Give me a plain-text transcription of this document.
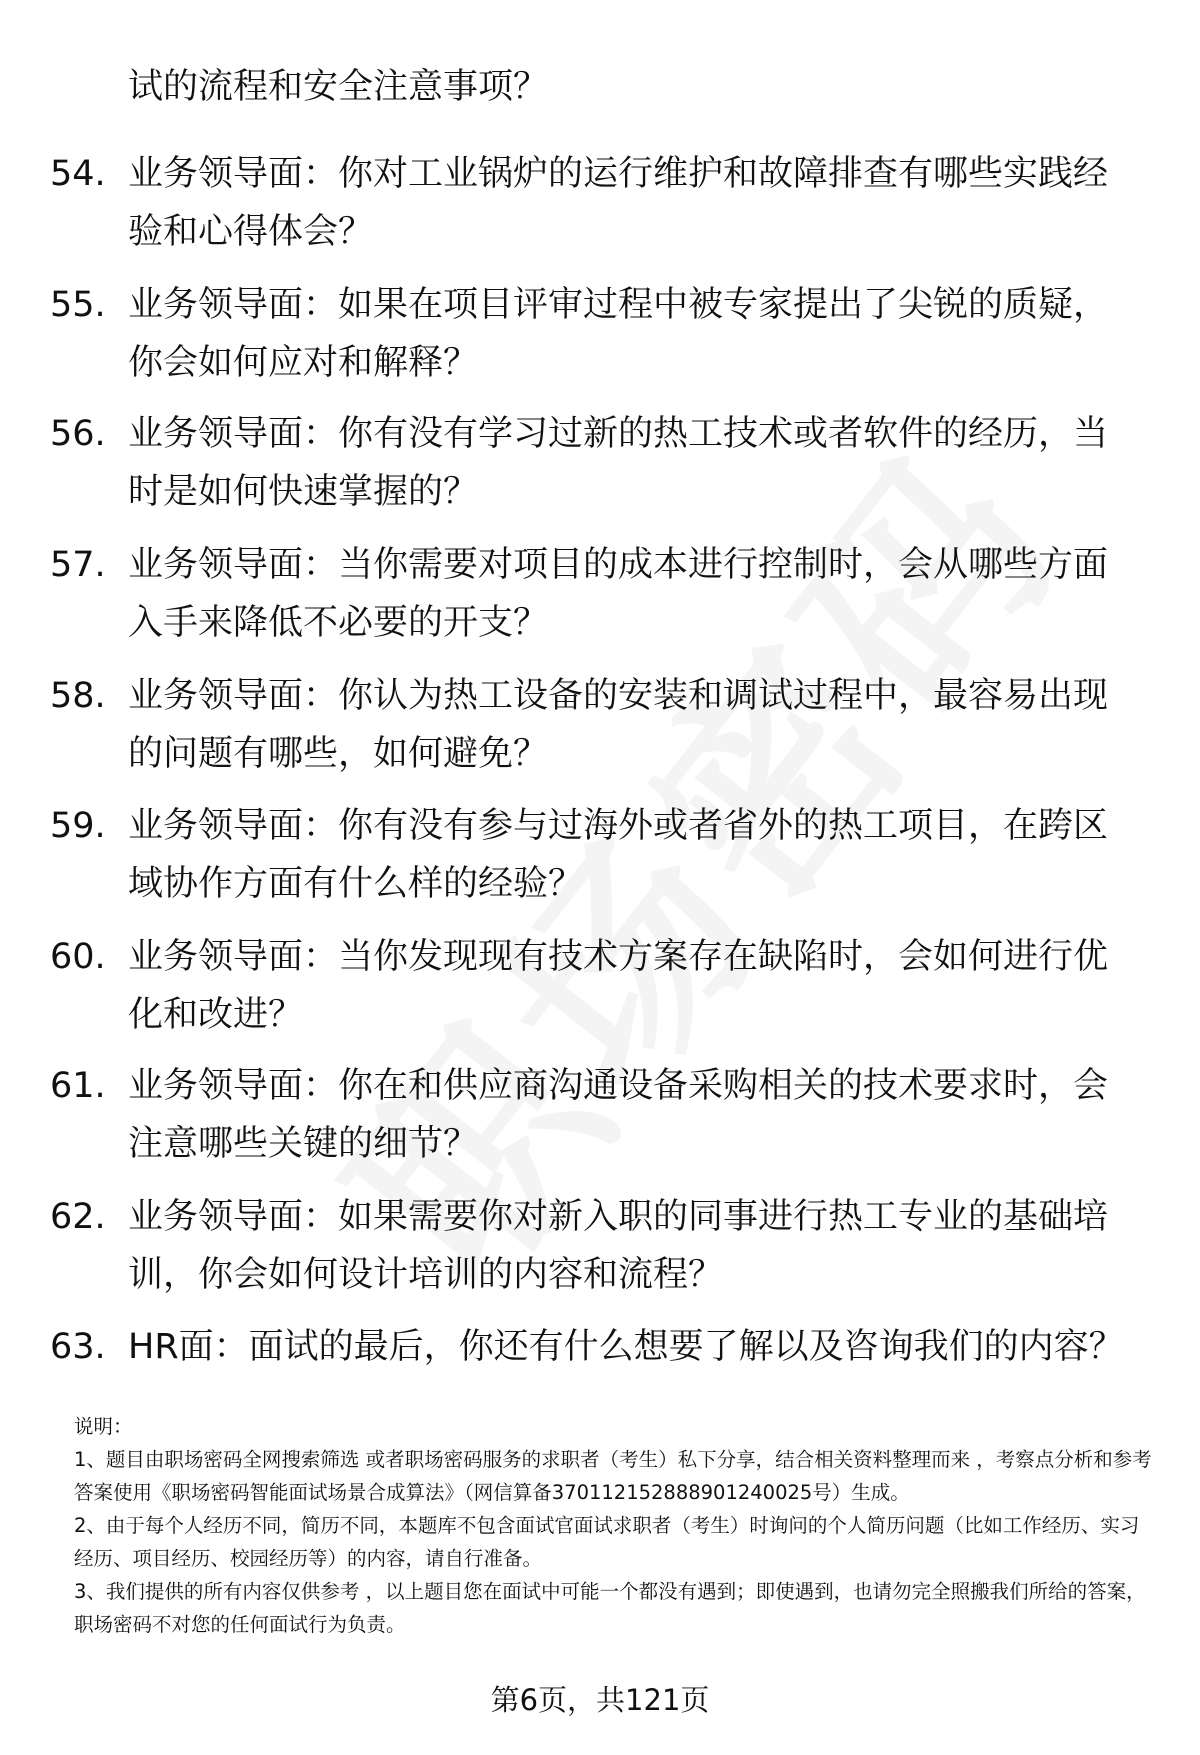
试的流程和安全注意事项？
54. 业务领导面：你对工业锅炉的运行维护和故障排查有哪些实践经验和心得体会？
55. 业务领导面：如果在项目评审过程中被专家提出了尖锐的质疑，你会如何应对和解释？
56. 业务领导面：你有没有学习过新的热工技术或者软件的经历，当时是如何快速掌握的？
57. 业务领导面：当你需要对项目的成本进行控制时，会从哪些方面入手来降低不必要的开支？
58. 业务领导面：你认为热工设备的安装和调试过程中，最容易出现的问题有哪些，如何避免？
59. 业务领导面：你有没有参与过海外或者省外的热工项目，在跨区域协作方面有什么样的经验？
60. 业务领导面：当你发现现有技术方案存在缺陷时，会如何进行优化和改进？
61. 业务领导面：你在和供应商沟通设备采购相关的技术要求时，会注意哪些关键的细节？
62. 业务领导面：如果需要你对新入职的同事进行热工专业的基础培训，你会如何设计培训的内容和流程？
63. HR面：面试的最后，你还有什么想要了解以及咨询我们的内容？

说明：

1、题目由职场密码全网搜索筛选 或者职场密码服务的求职者（考生）私下分享，结合相关资料整理而来 ，考察点分析和参考答案使用《职场密码智能面试场景合成算法》（网信算备370112152888901240025号）生成。

2、由于每个人经历不同，简历不同，本题库不包含面试官面试求职者（考生）时询问的个人简历问题（比如工作经历、实习经历、项目经历、校园经历等）的内容，请自行准备。

3、我们提供的所有内容仅供参考 ，以上题目您在面试中可能一个都没有遇到；即使遇到，也请勿完全照搬我们所给的答案，职场密码不对您的任何面试行为负责。

第6页，共121页
